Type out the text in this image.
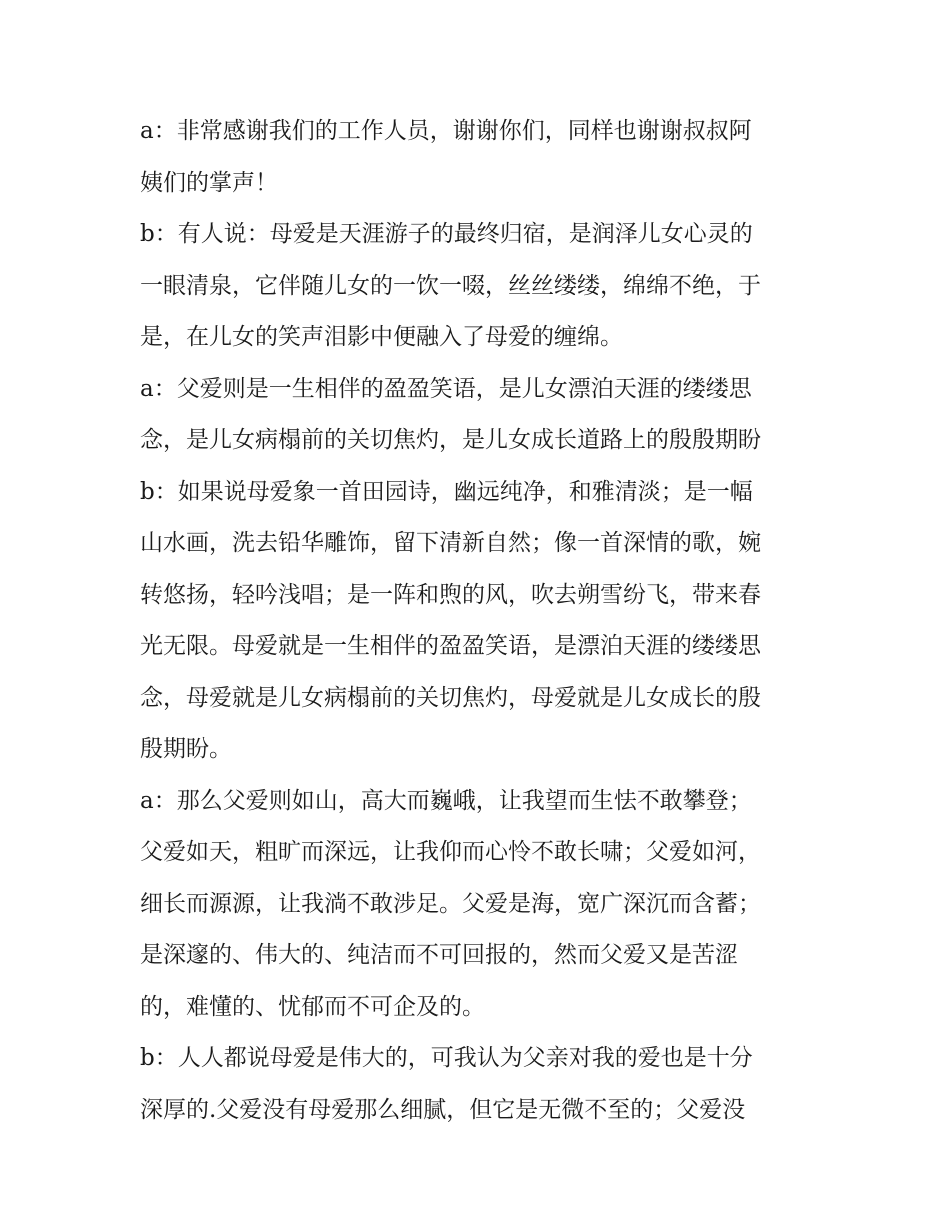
a：非常感谢我们的工作人员，谢谢你们，同样也谢谢叔叔阿
姨们的掌声！
b：有人说：母爱是天涯游子的最终归宿，是润泽儿女心灵的
一眼清泉，它伴随儿女的一饮一啜，丝丝缕缕，绵绵不绝，于
是，在儿女的笑声泪影中便融入了母爱的缠绵。
a：父爱则是一生相伴的盈盈笑语，是儿女漂泊天涯的缕缕思
念，是儿女病榻前的关切焦灼，是儿女成长道路上的殷殷期盼
b：如果说母爱象一首田园诗，幽远纯净，和雅清淡；是一幅
山水画，洗去铅华雕饰，留下清新自然；像一首深情的歌，婉
转悠扬，轻吟浅唱；是一阵和煦的风，吹去朔雪纷飞，带来春
光无限。母爱就是一生相伴的盈盈笑语，是漂泊天涯的缕缕思
念，母爱就是儿女病榻前的关切焦灼，母爱就是儿女成长的殷
殷期盼。
a：那么父爱则如山，高大而巍峨，让我望而生怯不敢攀登；
父爱如天，粗旷而深远，让我仰而心怜不敢长啸；父爱如河，
细长而源源，让我淌不敢涉足。父爱是海，宽广深沉而含蓄；
是深邃的、伟大的、纯洁而不可回报的，然而父爱又是苦涩
的，难懂的、忧郁而不可企及的。
b：人人都说母爱是伟大的，可我认为父亲对我的爱也是十分
深厚的.父爱没有母爱那么细腻，但它是无微不至的；父爱没
